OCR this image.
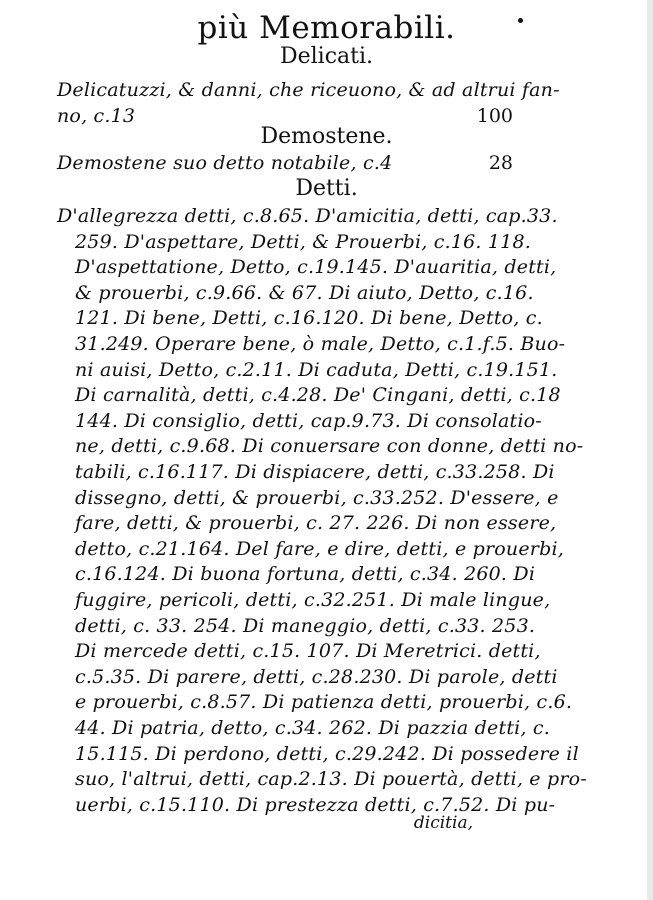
più Memorabili.
Delicati.
Delicatuzzi, & danni, che riceuono, & ad altrui fan-
no, c.13	100
Demostene.
Demostene suo detto notabile, c.4	28
Detti.
D'allegrezza detti, c.8.65. D'amicitia, detti, cap.33.
259. D'aspettare, Detti, & Prouerbi, c.16. 118.
D'aspettatione, Detto, c.19.145. D'auaritia, detti,
& prouerbi, c.9.66. & 67. Di aiuto, Detto, c.16.
121. Di bene, Detti, c.16.120. Di bene, Detto, c.
31.249. Operare bene, ò male, Detto, c.1.f.5. Buo-
ni auisi, Detto, c.2.11. Di caduta, Detti, c.19.151.
Di carnalità, detti, c.4.28. De' Cingani, detti, c.18
144. Di consiglio, detti, cap.9.73. Di consolatio-
ne, detti, c.9.68. Di conuersare con donne, detti no-
tabili, c.16.117. Di dispiacere, detti, c.33.258. Di
dissegno, detti, & prouerbi, c.33.252. D'essere, e
fare, detti, & prouerbi, c. 27. 226. Di non essere,
detto, c.21.164. Del fare, e dire, detti, e prouerbi,
c.16.124. Di buona fortuna, detti, c.34. 260. Di
fuggire, pericoli, detti, c.32.251. Di male lingue,
detti, c. 33. 254. Di maneggio, detti, c.33. 253.
Di mercede detti, c.15. 107. Di Meretrici. detti,
c.5.35. Di parere, detti, c.28.230. Di parole, detti
e prouerbi, c.8.57. Di patienza detti, prouerbi, c.6.
44. Di patria, detto, c.34. 262. Di pazzia detti, c.
15.115. Di perdono, detti, c.29.242. Di possedere il
suo, l'altrui, detti, cap.2.13. Di pouertà, detti, e pro-
uerbi, c.15.110. Di prestezza detti, c.7.52. Di pu-
dicitia,
